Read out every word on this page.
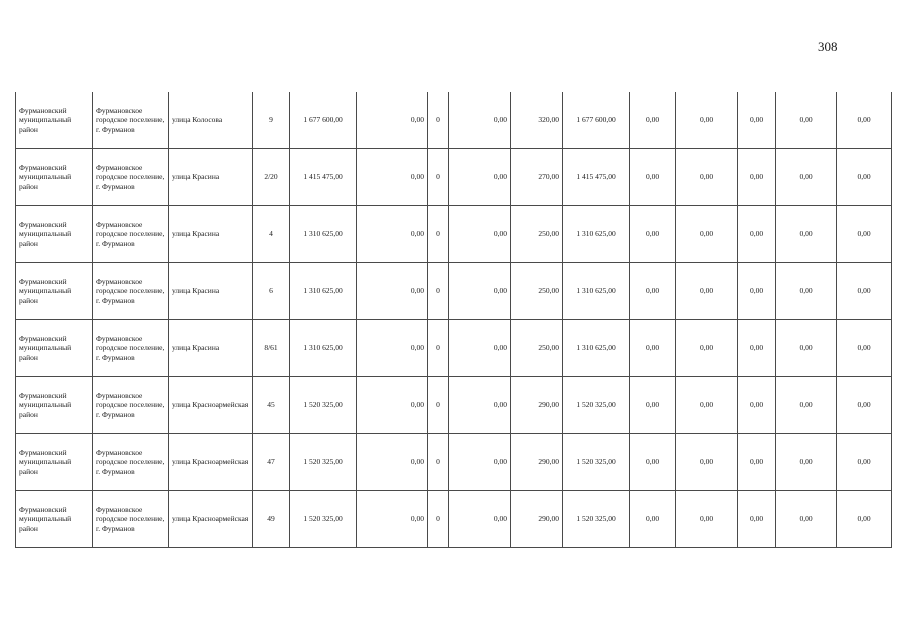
308
Фурмановский муниципальный район	Фурмановское городское поселение, г. Фурманов	улица Колосова	9	1 677 600,00	0,00	0	0,00	320,00	1 677 600,00	0,00	0,00	0,00	0,00	0,00
Фурмановский муниципальный район	Фурмановское городское поселение, г. Фурманов	улица Красина	2/20	1 415 475,00	0,00	0	0,00	270,00	1 415 475,00	0,00	0,00	0,00	0,00	0,00
Фурмановский муниципальный район	Фурмановское городское поселение, г. Фурманов	улица Красина	4	1 310 625,00	0,00	0	0,00	250,00	1 310 625,00	0,00	0,00	0,00	0,00	0,00
Фурмановский муниципальный район	Фурмановское городское поселение, г. Фурманов	улица Красина	6	1 310 625,00	0,00	0	0,00	250,00	1 310 625,00	0,00	0,00	0,00	0,00	0,00
Фурмановский муниципальный район	Фурмановское городское поселение, г. Фурманов	улица Красина	8/61	1 310 625,00	0,00	0	0,00	250,00	1 310 625,00	0,00	0,00	0,00	0,00	0,00
Фурмановский муниципальный район	Фурмановское городское поселение, г. Фурманов	улица Красноармейская	45	1 520 325,00	0,00	0	0,00	290,00	1 520 325,00	0,00	0,00	0,00	0,00	0,00
Фурмановский муниципальный район	Фурмановское городское поселение, г. Фурманов	улица Красноармейская	47	1 520 325,00	0,00	0	0,00	290,00	1 520 325,00	0,00	0,00	0,00	0,00	0,00
Фурмановский муниципальный район	Фурмановское городское поселение, г. Фурманов	улица Красноармейская	49	1 520 325,00	0,00	0	0,00	290,00	1 520 325,00	0,00	0,00	0,00	0,00	0,00
